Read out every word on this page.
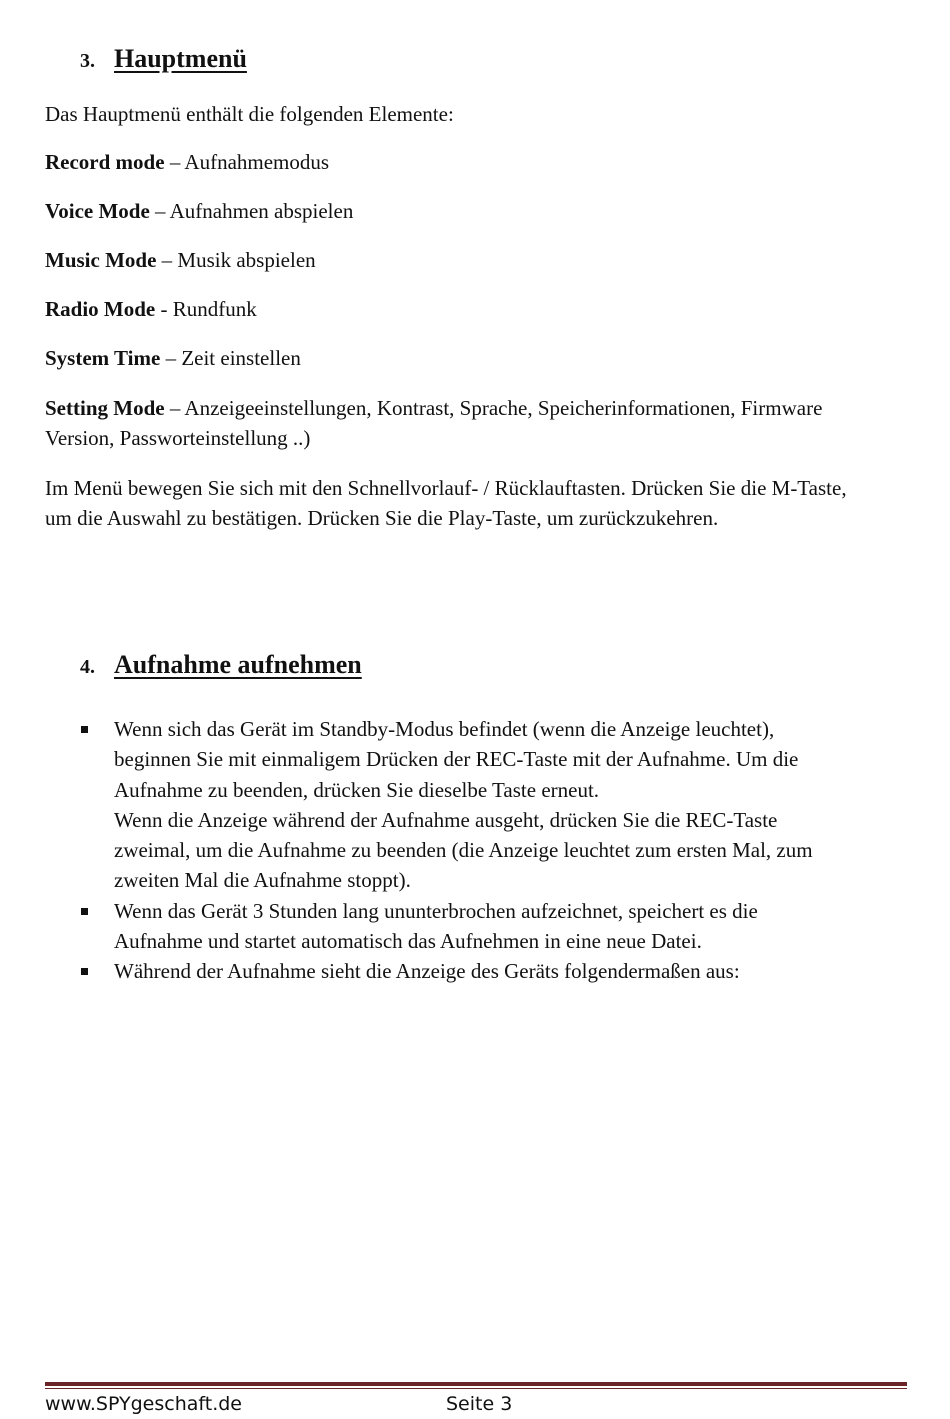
3. Hauptmenü

Das Hauptmenü enthält die folgenden Elemente:

Record mode – Aufnahmemodus

Voice Mode – Aufnahmen abspielen

Music Mode – Musik abspielen

Radio Mode - Rundfunk

System Time – Zeit einstellen

Setting Mode – Anzeigeeinstellungen, Kontrast, Sprache, Speicherinformationen, Firmware Version, Passworteinstellung ..)

Im Menü bewegen Sie sich mit den Schnellvorlauf- / Rücklauftasten. Drücken Sie die M-Taste, um die Auswahl zu bestätigen. Drücken Sie die Play-Taste, um zurückzukehren.

4. Aufnahme aufnehmen
Wenn sich das Gerät im Standby-Modus befindet (wenn die Anzeige leuchtet),
beginnen Sie mit einmaligem Drücken der REC-Taste mit der Aufnahme. Um die
Aufnahme zu beenden, drücken Sie dieselbe Taste erneut.
Wenn die Anzeige während der Aufnahme ausgeht, drücken Sie die REC-Taste
zweimal, um die Aufnahme zu beenden (die Anzeige leuchtet zum ersten Mal, zum
zweiten Mal die Aufnahme stoppt).
Wenn das Gerät 3 Stunden lang ununterbrochen aufzeichnet, speichert es die
Aufnahme und startet automatisch das Aufnehmen in eine neue Datei.
Während der Aufnahme sieht die Anzeige des Geräts folgendermaßen aus:
www.SPYgeschaft.de	Seite 3
